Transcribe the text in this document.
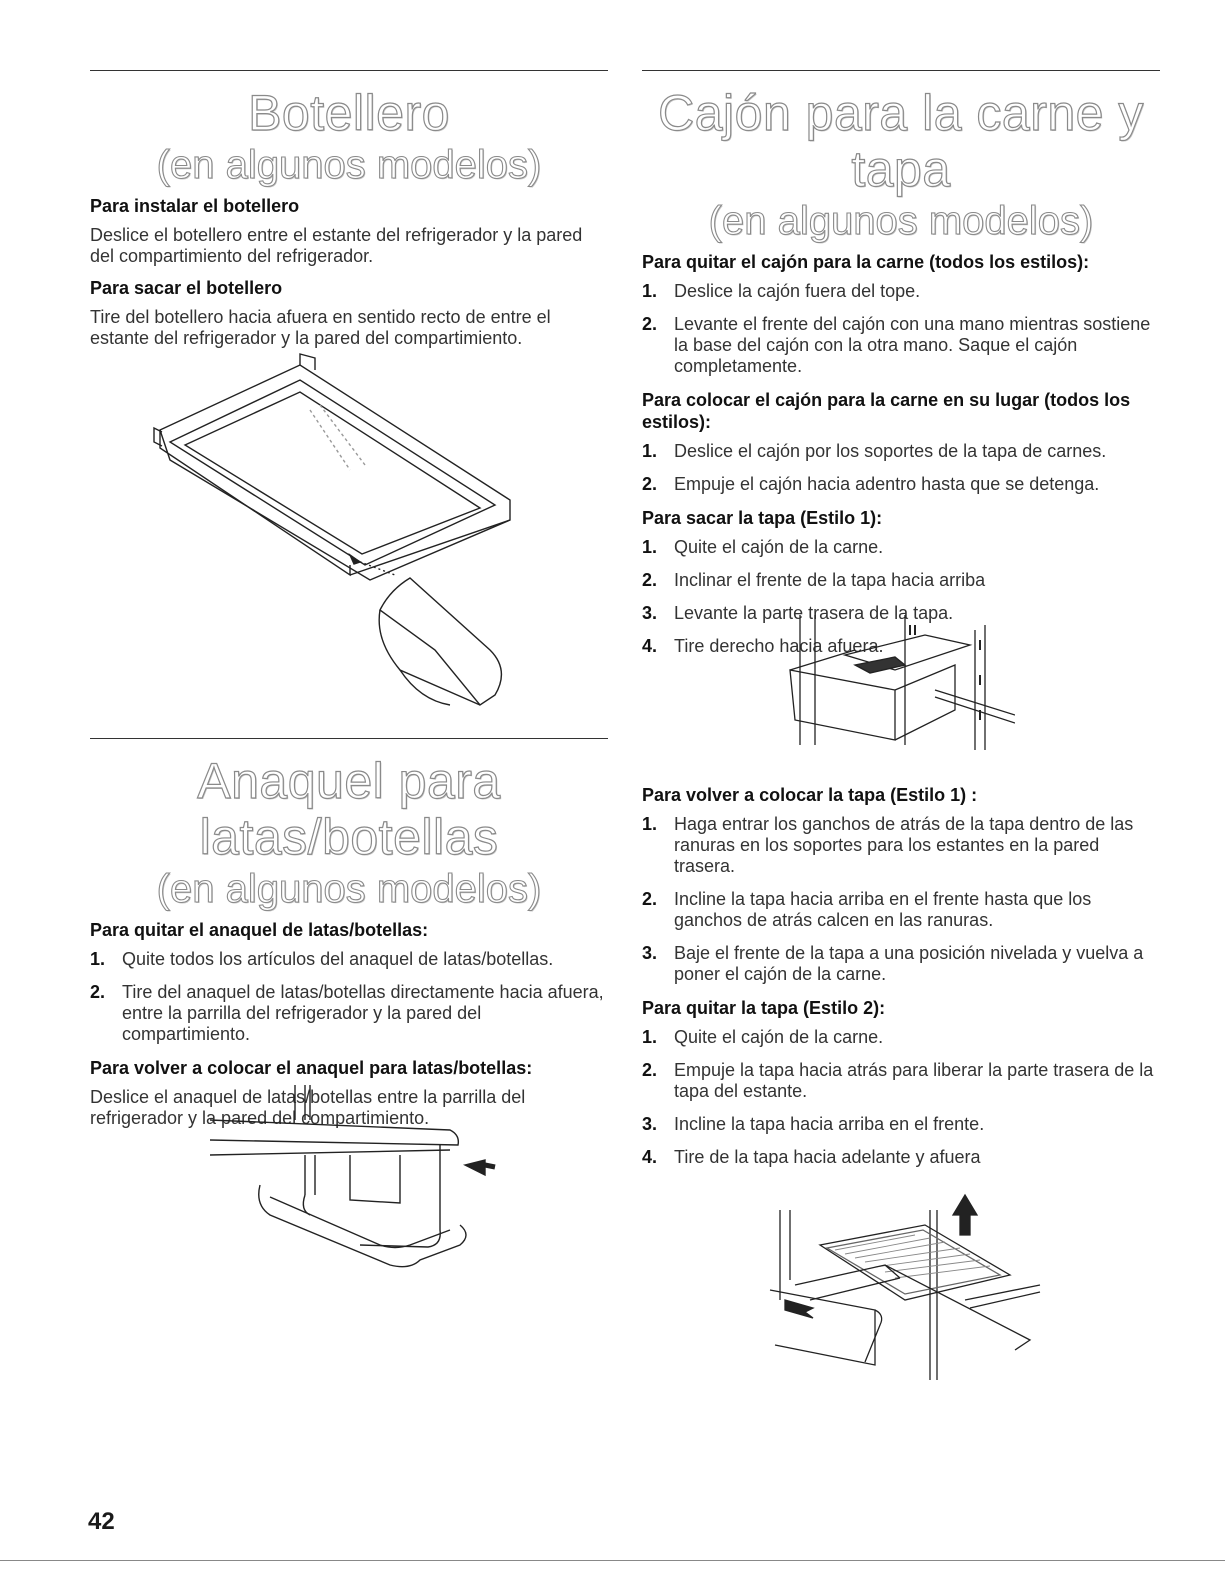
Botellero
(en algunos modelos)
Para instalar el botellero

Deslice el botellero entre el estante del refrigerador y la pared del compartimiento del refrigerador.

Para sacar el botellero

Tire del botellero hacia afuera en sentido recto de entre el estante del refrigerador y la pared del compartimiento.

Anaquel para latas/botellas
(en algunos modelos)
Para quitar el anaquel de latas/botellas:
1. Quite todos los artículos del anaquel de latas/botellas.
2. Tire del anaquel de latas/botellas directamente hacia afuera, entre la parrilla del refrigerador y la pared del compartimiento.
Para volver a colocar el anaquel para latas/botellas:

Deslice el anaquel de latas/botellas entre la parrilla del refrigerador y la pared del compartimiento.

Cajón para la carne y tapa
(en algunos modelos)
Para quitar el cajón para la carne (todos los estilos):
1. Deslice la cajón fuera del tope.
2. Levante el frente del cajón con una mano mientras sostiene la base del cajón con la otra mano. Saque el cajón completamente.
Para colocar el cajón para la carne en su lugar (todos los estilos):
1. Deslice el cajón por los soportes de la tapa de carnes.
2. Empuje el cajón hacia adentro hasta que se detenga.
Para sacar la tapa (Estilo 1):
1. Quite el cajón de la carne.
2. Inclinar el frente de la tapa hacia arriba
3. Levante la parte trasera de la tapa.
4. Tire derecho hacia afuera.
Para volver a colocar la tapa (Estilo 1) :
1. Haga entrar los ganchos de atrás de la tapa dentro de las ranuras en los soportes para los estantes en la pared trasera.
2. Incline la tapa hacia arriba en el frente hasta que los ganchos de atrás calcen en las ranuras.
3. Baje el frente de la tapa a una posición nivelada y vuelva a poner el cajón de la carne.
Para quitar la tapa (Estilo 2):
1. Quite el cajón de la carne.
2. Empuje la tapa hacia atrás para liberar la parte trasera de la tapa del estante.
3. Incline la tapa hacia arriba en el frente.
4. Tire de la tapa hacia adelante y afuera
42
